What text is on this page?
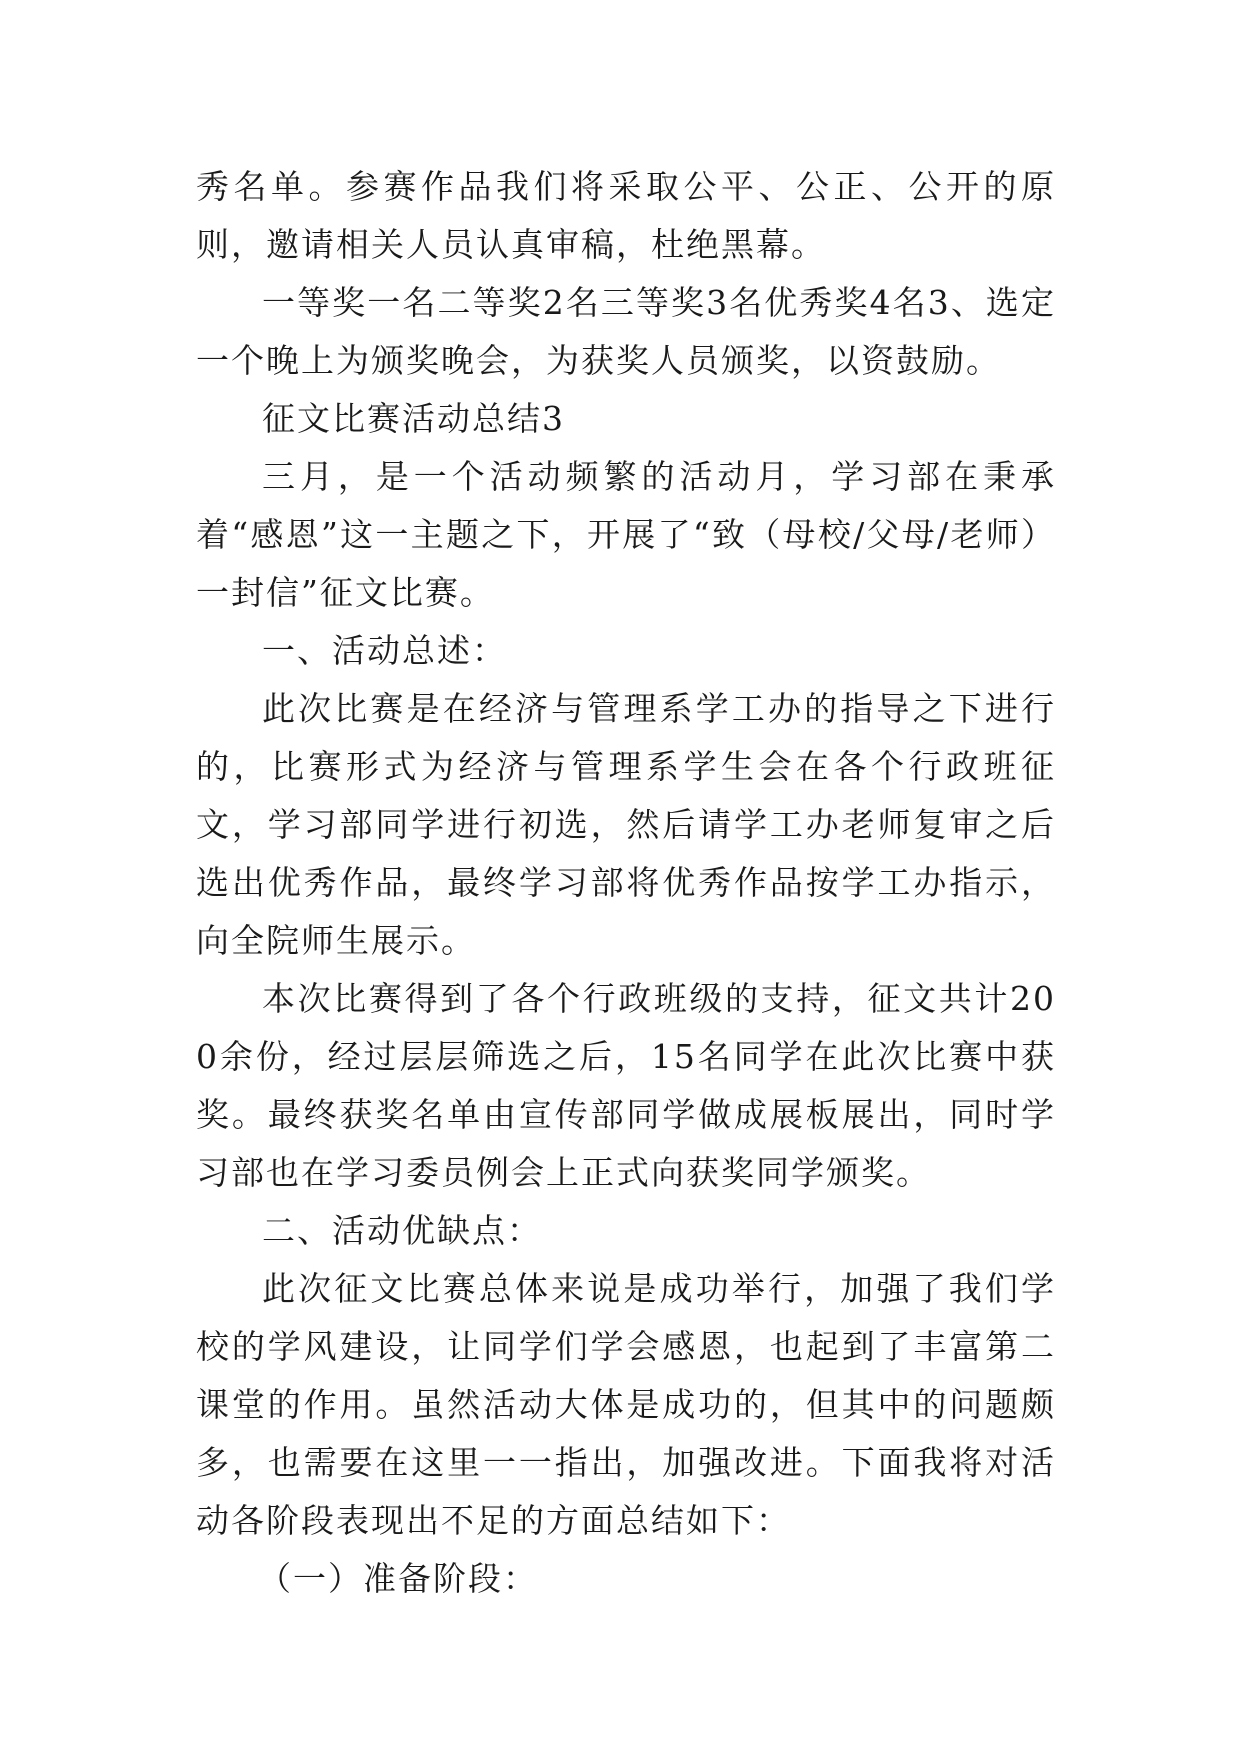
秀名单。参赛作品我们将采取公平、公正、公开的原则，邀请相关人员认真审稿，杜绝黑幕。

一等奖一名二等奖2名三等奖3名优秀奖4名3、选定一个晚上为颁奖晚会，为获奖人员颁奖，以资鼓励。

征文比赛活动总结3

三月，是一个活动频繁的活动月，学习部在秉承着“感恩”这一主题之下，开展了“致（母校/父母/老师）一封信”征文比赛。

一、活动总述：

此次比赛是在经济与管理系学工办的指导之下进行的，比赛形式为经济与管理系学生会在各个行政班征文，学习部同学进行初选，然后请学工办老师复审之后选出优秀作品，最终学习部将优秀作品按学工办指示，向全院师生展示。

本次比赛得到了各个行政班级的支持，征文共计200余份，经过层层筛选之后，15名同学在此次比赛中获奖。最终获奖名单由宣传部同学做成展板展出，同时学习部也在学习委员例会上正式向获奖同学颁奖。

二、活动优缺点：

此次征文比赛总体来说是成功举行，加强了我们学校的学风建设，让同学们学会感恩，也起到了丰富第二课堂的作用。虽然活动大体是成功的，但其中的问题颇多，也需要在这里一一指出，加强改进。下面我将对活动各阶段表现出不足的方面总结如下：

（一）准备阶段：
